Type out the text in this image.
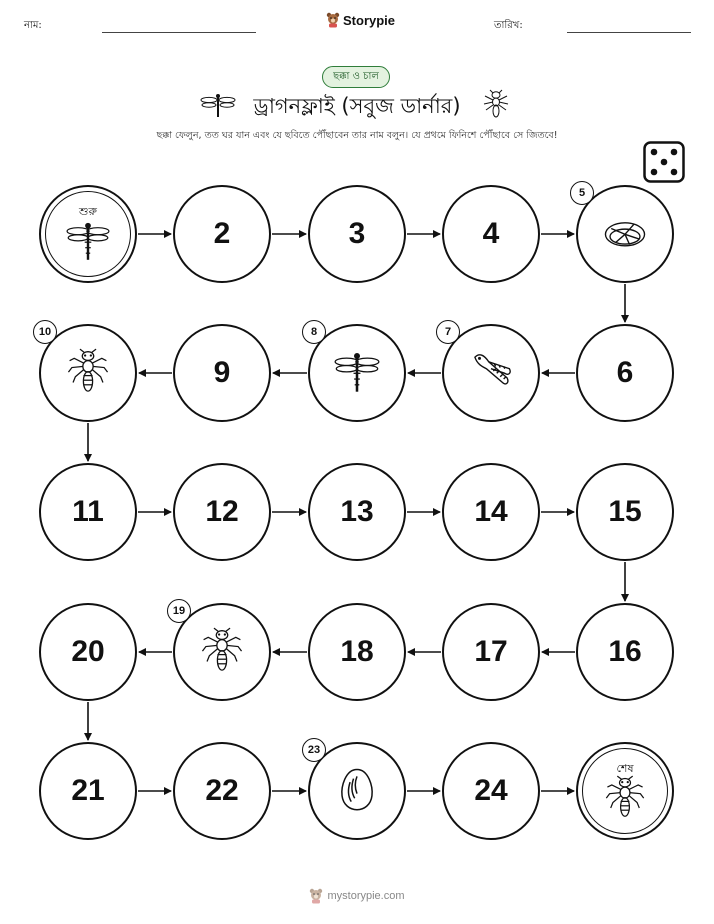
নাম:	Storypie	তারিখ:
ছক্কা ও চাল
ড্রাগনফ্লাই (সবুজ ডার্নার)
ছক্কা ফেলুন, তত ঘর যান এবং যে ছবিতে পৌঁছাবেন তার নাম বলুন। যে প্রথমে ফিনিশে পৌঁছাবে সে জিতবে!
শুরু
2	3	4
5
6
7
8
9
10
11	12	13	14	15
16
17
18
19
20
21	22
23
24
শেষ
mystorypie.com
